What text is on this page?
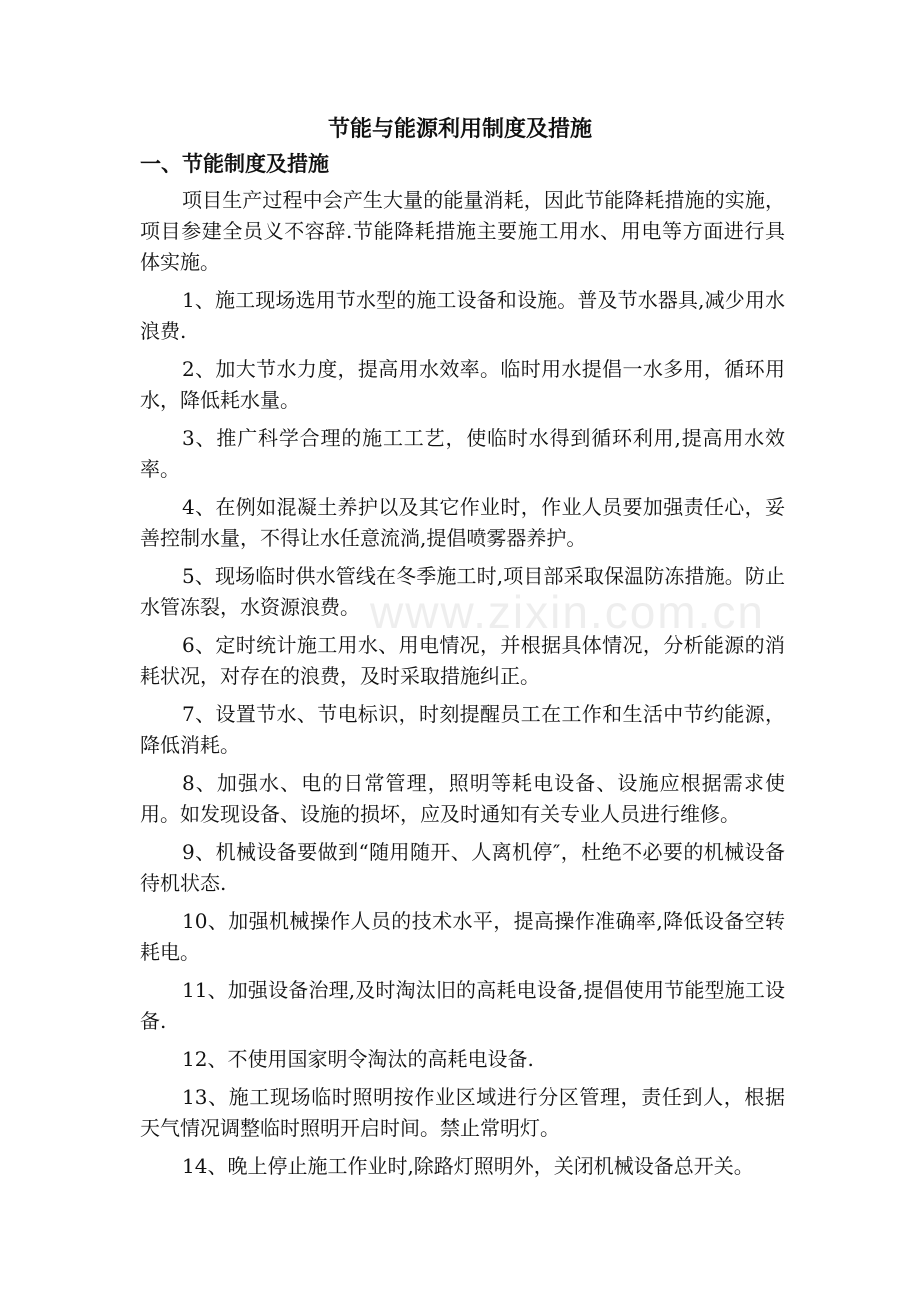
节能与能源利用制度及措施
一、节能制度及措施

项目生产过程中会产生大量的能量消耗，因此节能降耗措施的实施，项目参建全员义不容辞.节能降耗措施主要施工用水、用电等方面进行具体实施。

1、施工现场选用节水型的施工设备和设施。普及节水器具,减少用水浪费.

2、加大节水力度，提高用水效率。临时用水提倡一水多用，循环用水，降低耗水量。

3、推广科学合理的施工工艺，使临时水得到循环利用,提高用水效率。

4、在例如混凝土养护以及其它作业时，作业人员要加强责任心，妥善控制水量，不得让水任意流淌,提倡喷雾器养护。

5、现场临时供水管线在冬季施工时,项目部采取保温防冻措施。防止水管冻裂，水资源浪费。

6、定时统计施工用水、用电情况，并根据具体情况，分析能源的消耗状况，对存在的浪费，及时采取措施纠正。

7、设置节水、节电标识，时刻提醒员工在工作和生活中节约能源，降低消耗。

8、加强水、电的日常管理，照明等耗电设备、设施应根据需求使用。如发现设备、设施的损坏，应及时通知有关专业人员进行维修。

9、机械设备要做到“随用随开、人离机停″，杜绝不必要的机械设备待机状态.

10、加强机械操作人员的技术水平，提高操作准确率,降低设备空转耗电。

11、加强设备治理,及时淘汰旧的高耗电设备,提倡使用节能型施工设备.

12、不使用国家明令淘汰的高耗电设备.

13、施工现场临时照明按作业区域进行分区管理，责任到人，根据天气情况调整临时照明开启时间。禁止常明灯。

14、晚上停止施工作业时,除路灯照明外，关闭机械设备总开关。

www.zixin.com.cn
